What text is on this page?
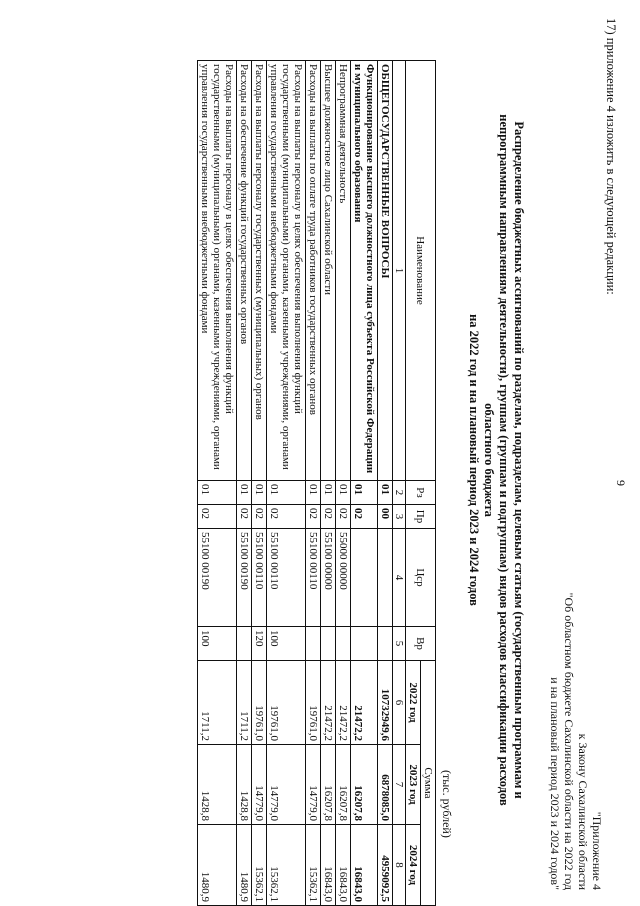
17) приложение 4 изложить в следующей редакции:
9
"Приложение 4
к Закону Сахалинской области
"Об областном бюджете Сахалинской области на 2022 год
и на плановый период 2023 и 2024 годов"
Распределение бюджетных ассигнований по разделам, подразделам, целевым статьям (государственным программам и
непрограммным направлениям деятельности), группам (группам и подгруппам) видов расходов классификации расходов
областного бюджета
на 2022 год и на плановый период 2023 и 2024 годов
(тыс. рублей)
Наименование	Рз	Пр	Цср	Вр	Сумма		
					2022 год	2023 год	2024 год
1	2	3	4	5	6	7	8
ОБЩЕГОСУДАРСТВЕННЫЕ ВОПРОСЫ	01	00			10732949,6	6878085,0	4959092,5
Функционирование высшего должностного лица субъекта Российской Федерации и муниципального образования	01	02			21472,2	16207,8	16843,0
Непрограммная деятельность	01	02	55000 00000		21472,2	16207,8	16843,0
Высшее должностное лицо Сахалинской области	01	02	55100 00000		21472,2	16207,8	16843,0
Расходы на выплаты по оплате труда работников государственных органов	01	02	55100 00110		19761,0	14779,0	15362,1
Расходы на выплаты персоналу в целях обеспечения выполнения функций государственными (муниципальными) органами, казенными учреждениями, органами управления государственными внебюджетными фондами	01	02	55100 00110	100	19761,0	14779,0	15362,1
Расходы на выплаты персоналу государственных (муниципальных) органов	01	02	55100 00110	120	19761,0	14779,0	15362,1
Расходы на обеспечение функций государственных органов	01	02	55100 00190		1711,2	1428,8	1480,9
Расходы на выплаты персоналу в целях обеспечения выполнения функций государственными (муниципальными) органами, казенными учреждениями, органами управления государственными внебюджетными фондами	01	02	55100 00190	100	1711,2	1428,8	1480,9
